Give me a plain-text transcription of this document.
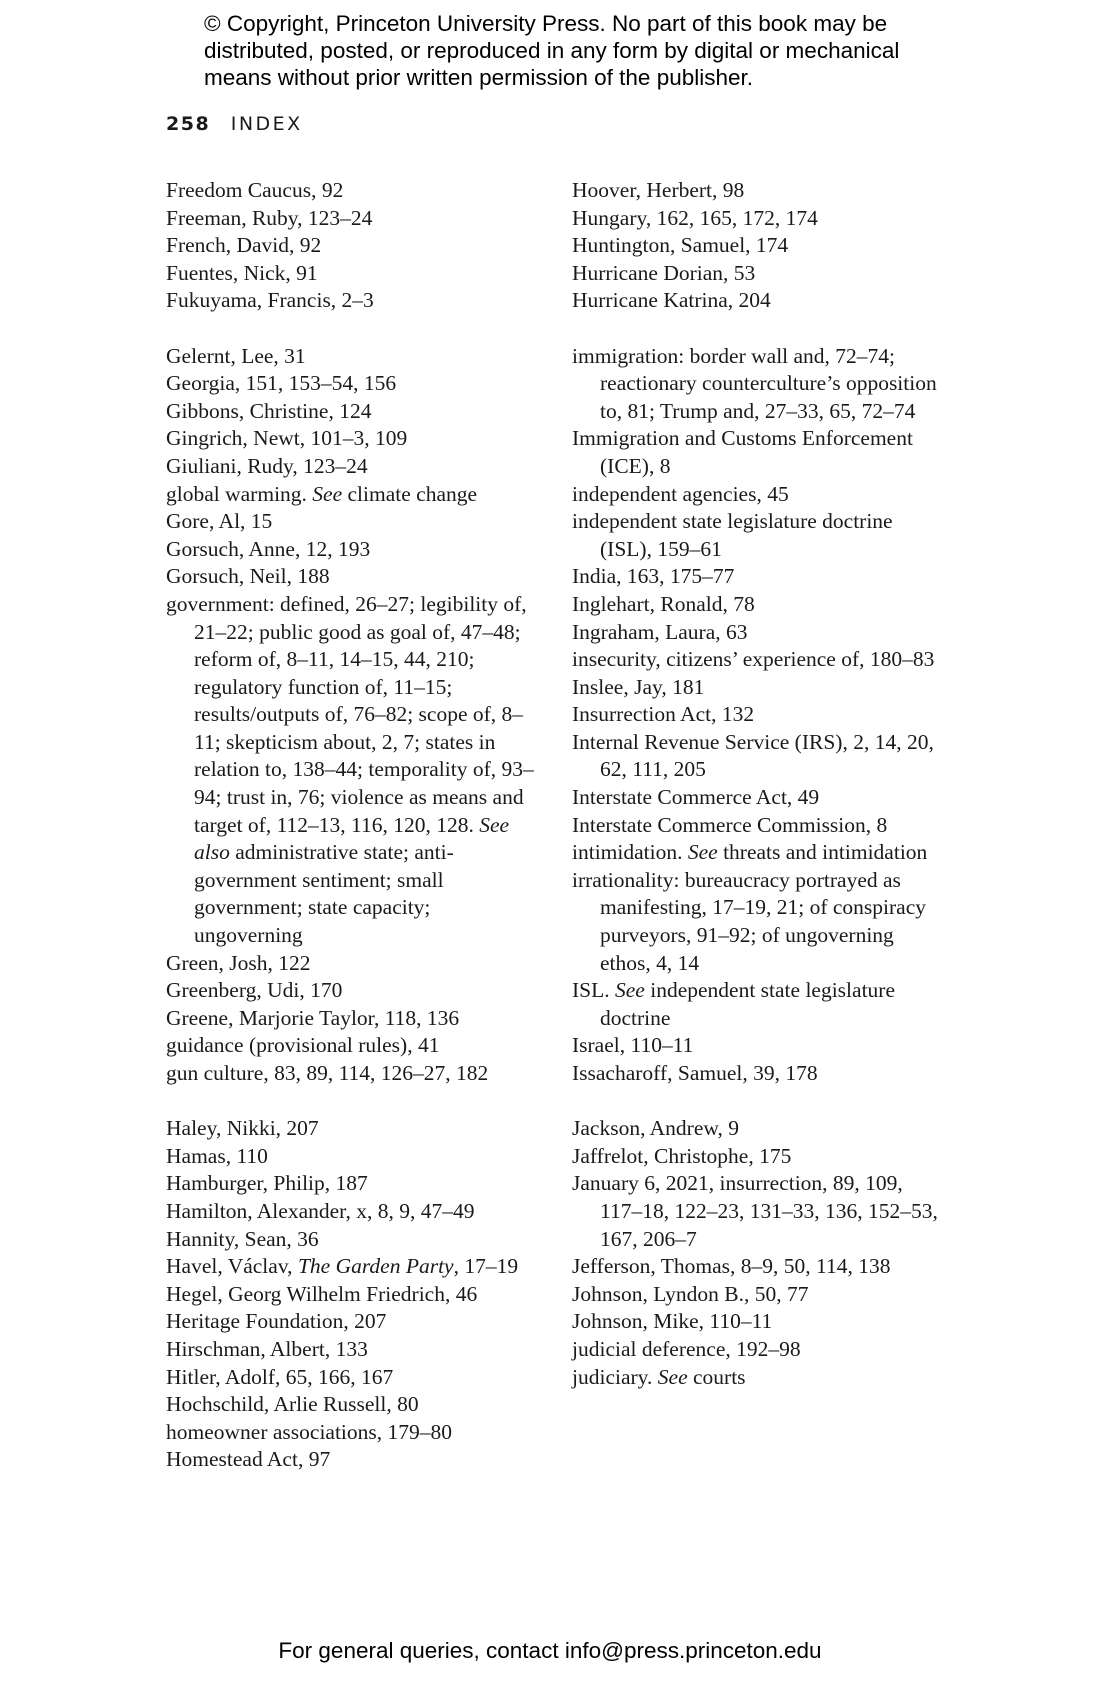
© Copyright, Princeton University Press. No part of this book may be distributed, posted, or reproduced in any form by digital or mechanical means without prior written permission of the publisher.
258 INDEX
Freedom Caucus, 92
Freeman, Ruby, 123–24
French, David, 92
Fuentes, Nick, 91
Fukuyama, Francis, 2–3
Gelernt, Lee, 31
Georgia, 151, 153–54, 156
Gibbons, Christine, 124
Gingrich, Newt, 101–3, 109
Giuliani, Rudy, 123–24
global warming. See climate change
Gore, Al, 15
Gorsuch, Anne, 12, 193
Gorsuch, Neil, 188
government: defined, 26–27; legibility of, 21–22; public good as goal of, 47–48; reform of, 8–11, 14–15, 44, 210; regulatory function of, 11–15; results/outputs of, 76–82; scope of, 8–11; skepticism about, 2, 7; states in relation to, 138–44; temporality of, 93–94; trust in, 76; violence as means and target of, 112–13, 116, 120, 128. See also administrative state; anti-government sentiment; small government; state capacity; ungoverning
Green, Josh, 122
Greenberg, Udi, 170
Greene, Marjorie Taylor, 118, 136
guidance (provisional rules), 41
gun culture, 83, 89, 114, 126–27, 182
Haley, Nikki, 207
Hamas, 110
Hamburger, Philip, 187
Hamilton, Alexander, x, 8, 9, 47–49
Hannity, Sean, 36
Havel, Václav, The Garden Party, 17–19
Hegel, Georg Wilhelm Friedrich, 46
Heritage Foundation, 207
Hirschman, Albert, 133
Hitler, Adolf, 65, 166, 167
Hochschild, Arlie Russell, 80
homeowner associations, 179–80
Homestead Act, 97
Hoover, Herbert, 98
Hungary, 162, 165, 172, 174
Huntington, Samuel, 174
Hurricane Dorian, 53
Hurricane Katrina, 204
immigration: border wall and, 72–74; reactionary counterculture’s opposition to, 81; Trump and, 27–33, 65, 72–74
Immigration and Customs Enforcement (ICE), 8
independent agencies, 45
independent state legislature doctrine (ISL), 159–61
India, 163, 175–77
Inglehart, Ronald, 78
Ingraham, Laura, 63
insecurity, citizens’ experience of, 180–83
Inslee, Jay, 181
Insurrection Act, 132
Internal Revenue Service (IRS), 2, 14, 20, 62, 111, 205
Interstate Commerce Act, 49
Interstate Commerce Commission, 8
intimidation. See threats and intimidation
irrationality: bureaucracy portrayed as manifesting, 17–19, 21; of conspiracy purveyors, 91–92; of ungoverning ethos, 4, 14
ISL. See independent state legislature doctrine
Israel, 110–11
Issacharoff, Samuel, 39, 178
Jackson, Andrew, 9
Jaffrelot, Christophe, 175
January 6, 2021, insurrection, 89, 109, 117–18, 122–23, 131–33, 136, 152–53, 167, 206–7
Jefferson, Thomas, 8–9, 50, 114, 138
Johnson, Lyndon B., 50, 77
Johnson, Mike, 110–11
judicial deference, 192–98
judiciary. See courts
For general queries, contact info@press.princeton.edu
